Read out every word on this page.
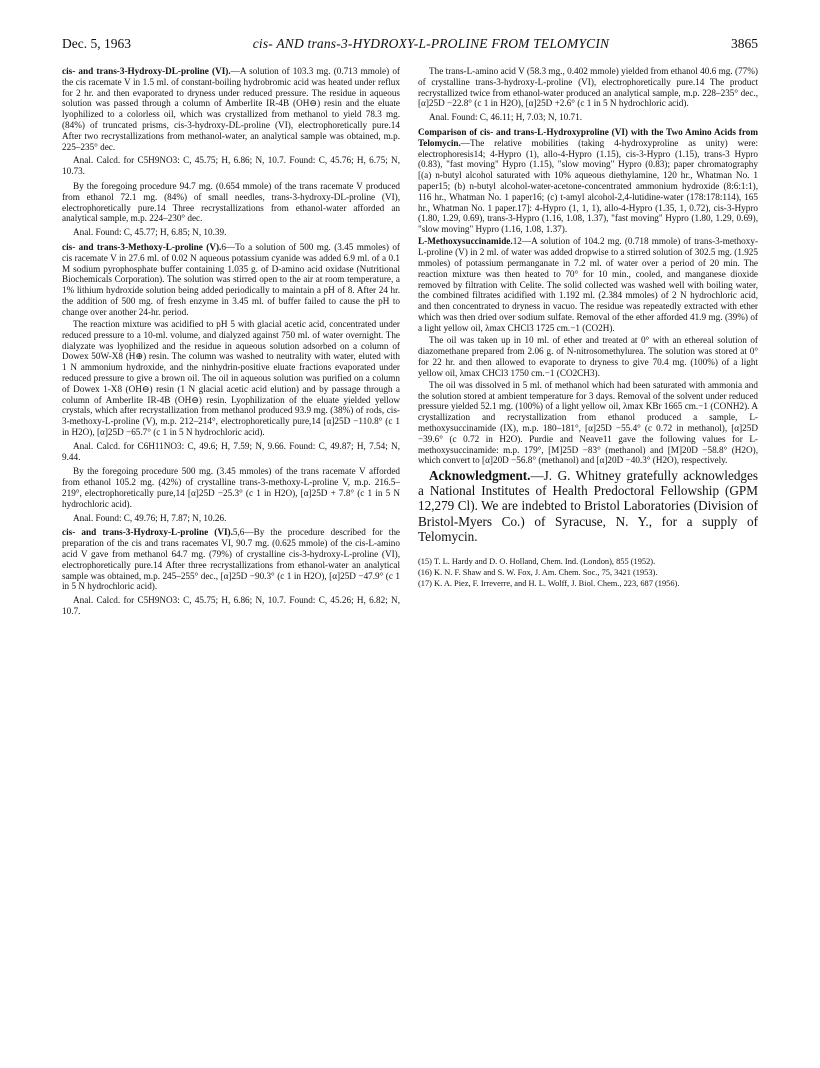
Dec. 5, 1963	cis- AND trans-3-HYDROXY-L-PROLINE FROM TELOMYCIN	3865

cis- and trans-3-Hydroxy-DL-proline (VI).—A solution of 103.3 mg. (0.713 mmole) of the cis racemate V in 1.5 ml. of constant-boiling hydrobromic acid was heated under reflux for 2 hr. and then evaporated to dryness under reduced pressure. The residue in aqueous solution was passed through a column of Amberlite IR-4B (OH⊖) resin and the eluate lyophilized to a colorless oil, which was crystallized from methanol to yield 78.3 mg. (84%) of truncated prisms, cis-3-hydroxy-DL-proline (VI), electrophoretically pure.14 After two recrystallizations from methanol-water, an analytical sample was obtained, m.p. 225–235° dec.

Anal. Calcd. for C5H9NO3: C, 45.75; H, 6.86; N, 10.7. Found: C, 45.76; H, 6.75; N, 10.73.

By the foregoing procedure 94.7 mg. (0.654 mmole) of the trans racemate V produced from ethanol 72.1 mg. (84%) of small needles, trans-3-hydroxy-DL-proline (VI), electrophoretically pure.14 Three recrystallizations from ethanol-water afforded an analytical sample, m.p. 224–230° dec.

Anal. Found: C, 45.77; H, 6.85; N, 10.39.

cis- and trans-3-Methoxy-L-proline (V).6—To a solution of 500 mg. (3.45 mmoles) of cis racemate V in 27.6 ml. of 0.02 N aqueous potassium cyanide was added 6.9 ml. of a 0.1 M sodium pyrophosphate buffer containing 1.035 g. of D-amino acid oxidase (Nutritional Biochemicals Corporation). The solution was stirred open to the air at room temperature, a 1% lithium hydroxide solution being added periodically to maintain a pH of 8. After 24 hr. the addition of 500 mg. of fresh enzyme in 3.45 ml. of buffer failed to cause the pH to change over another 24-hr. period.

The reaction mixture was acidified to pH 5 with glacial acetic acid, concentrated under reduced pressure to a 10-ml. volume, and dialyzed against 750 ml. of water overnight. The dialyzate was lyophilized and the residue in aqueous solution adsorbed on a column of Dowex 50W-X8 (H⊕) resin. The column was washed to neutrality with water, eluted with 1 N ammonium hydroxide, and the ninhydrin-positive eluate fractions evaporated under reduced pressure to give a brown oil. The oil in aqueous solution was purified on a column of Dowex 1-X8 (OH⊖) resin (1 N glacial acetic acid elution) and by passage through a column of Amberlite IR-4B (OH⊖) resin. Lyophilization of the eluate yielded yellow crystals, which after recrystallization from methanol produced 93.9 mg. (38%) of rods, cis-3-methoxy-L-proline (V), m.p. 212–214°, electrophoretically pure,14 [α]25D −110.8° (c 1 in H2O), [α]25D −65.7° (c 1 in 5 N hydrochloric acid).

Anal. Calcd. for C6H11NO3: C, 49.6; H, 7.59; N, 9.66. Found: C, 49.87; H, 7.54; N, 9.44.

By the foregoing procedure 500 mg. (3.45 mmoles) of the trans racemate V afforded from ethanol 105.2 mg. (42%) of crystalline trans-3-methoxy-L-proline V, m.p. 216.5–219°, electrophoretically pure,14 [α]25D −25.3° (c 1 in H2O), [α]25D + 7.8° (c 1 in 5 N hydrochloric acid).

Anal. Found: C, 49.76; H, 7.87; N, 10.26.

cis- and trans-3-Hydroxy-L-proline (VI).5,6—By the procedure described for the preparation of the cis and trans racemates VI, 90.7 mg. (0.625 mmole) of the cis-L-amino acid V gave from methanol 64.7 mg. (79%) of crystalline cis-3-hydroxy-L-proline (VI), electrophoretically pure.14 After three recrystallizations from ethanol-water an analytical sample was obtained, m.p. 245–255° dec., [α]25D −90.3° (c 1 in H2O), [α]25D −47.9° (c 1 in 5 N hydrochloric acid).

Anal. Calcd. for C5H9NO3: C, 45.75; H, 6.86; N, 10.7. Found: C, 45.26; H, 6.82; N, 10.7.

The trans-L-amino acid V (58.3 mg., 0.402 mmole) yielded from ethanol 40.6 mg. (77%) of crystalline trans-3-hydroxy-L-proline (VI), electrophoretically pure.14 The product recrystallized twice from ethanol-water produced an analytical sample, m.p. 228–235° dec., [α]25D −22.8° (c 1 in H2O), [α]25D +2.6° (c 1 in 5 N hydrochloric acid).

Anal. Found: C, 46.11; H, 7.03; N, 10.71.

Comparison of cis- and trans-L-Hydroxyproline (VI) with the Two Amino Acids from Telomycin.—The relative mobilities (taking 4-hydroxyproline as unity) were: electrophoresis14; 4-Hypro (1), allo-4-Hypro (1.15), cis-3-Hypro (1.15), trans-3 Hypro (0.83), "fast moving" Hypro (1.15), "slow moving" Hypro (0.83); paper chromatography [(a) n-butyl alcohol saturated with 10% aqueous diethylamine, 120 hr., Whatman No. 1 paper15; (b) n-butyl alcohol-water-acetone-concentrated ammonium hydroxide (8:6:1:1), 116 hr., Whatman No. 1 paper16; (c) t-amyl alcohol-2,4-lutidine-water (178:178:114), 165 hr., Whatman No. 1 paper.17]: 4-Hypro (1, 1, 1), allo-4-Hypro (1.35, 1, 0.72), cis-3-Hypro (1.80, 1.29, 0.69), trans-3-Hypro (1.16, 1.08, 1.37), "fast moving" Hypro (1.80, 1.29, 0.69), "slow moving" Hypro (1.16, 1.08, 1.37).

L-Methoxysuccinamide.12—A solution of 104.2 mg. (0.718 mmole) of trans-3-methoxy-L-proline (V) in 2 ml. of water was added dropwise to a stirred solution of 302.5 mg. (1.925 mmoles) of potassium permanganate in 7.2 ml. of water over a period of 20 min. The reaction mixture was then heated to 70° for 10 min., cooled, and manganese dioxide removed by filtration with Celite. The solid collected was washed well with boiling water, the combined filtrates acidified with 1.192 ml. (2.384 mmoles) of 2 N hydrochloric acid, and then concentrated to dryness in vacuo. The residue was repeatedly extracted with ether which was then dried over sodium sulfate. Removal of the ether afforded 41.9 mg. (39%) of a light yellow oil, λmax CHCl3 1725 cm.−1 (CO2H).

The oil was taken up in 10 ml. of ether and treated at 0° with an ethereal solution of diazomethane prepared from 2.06 g. of N-nitrosomethylurea. The solution was stored at 0° for 22 hr. and then allowed to evaporate to dryness to give 70.4 mg. (100%) of a light yellow oil, λmax CHCl3 1750 cm.−1 (CO2CH3).

The oil was dissolved in 5 ml. of methanol which had been saturated with ammonia and the solution stored at ambient temperature for 3 days. Removal of the solvent under reduced pressure yielded 52.1 mg. (100%) of a light yellow oil, λmax KBr 1665 cm.−1 (CONH2). A crystallization and recrystallization from ethanol produced a sample, L-methoxysuccinamide (IX), m.p. 180–181°, [α]25D −55.4° (c 0.72 in methanol), [α]25D −39.6° (c 0.72 in H2O). Purdie and Neave11 gave the following values for L-methoxysuccinamide: m.p. 179°, [M]25D −83° (methanol) and [M]20D −58.8° (H2O), which convert to [α]20D −56.8° (methanol) and [α]20D −40.3° (H2O), respectively.

Acknowledgment.—J. G. Whitney gratefully acknowledges a National Institutes of Health Predoctoral Fellowship (GPM 12,279 Cl). We are indebted to Bristol Laboratories (Division of Bristol-Myers Co.) of Syracuse, N. Y., for a supply of Telomycin.

(15) T. L. Hardy and D. O. Holland, Chem. Ind. (London), 855 (1952).
(16) K. N. F. Shaw and S. W. Fox, J. Am. Chem. Soc., 75, 3421 (1953).
(17) K. A. Piez, F. Irreverre, and H. L. Wolff, J. Biol. Chem., 223, 687 (1956).
